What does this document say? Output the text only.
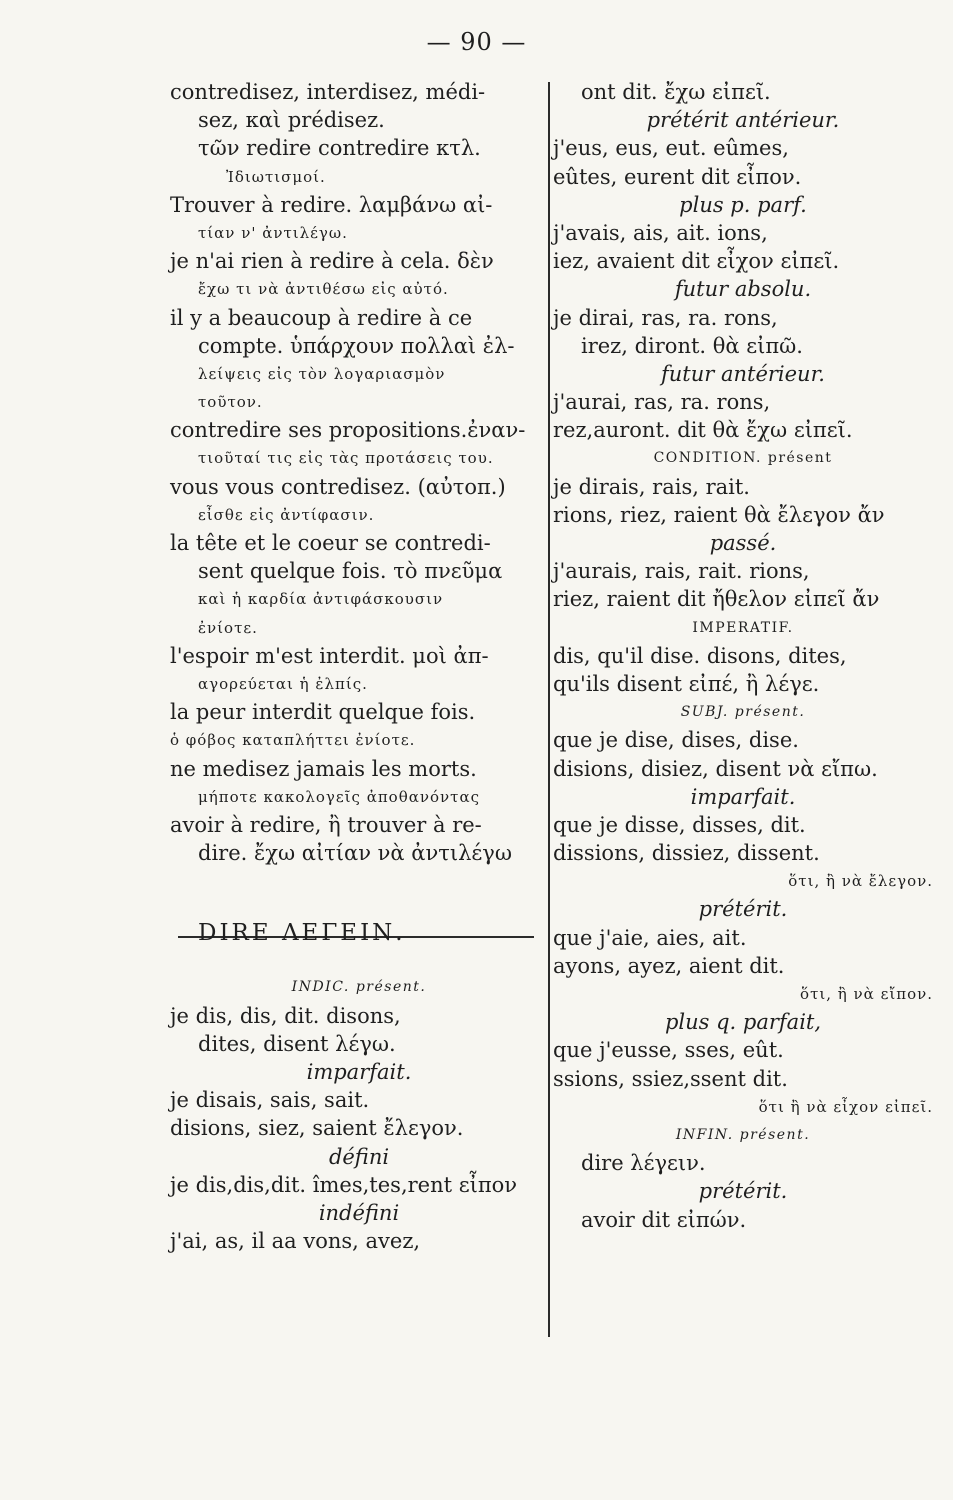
— 90 —
contredisez, interdisez, médi-
sez, καὶ prédisez.
τῶν redire contredire κτλ.
Ἰδιωτισμοί.
Trouver à redire. λαμβάνω αἰ-
τίαν ν' ἀντιλέγω.
je n'ai rien à redire à cela. δὲν
ἔχω τι νὰ ἀντιθέσω εἰς αὐτό.
il y a beaucoup à redire à ce
compte. ὑπάρχουν πολλαὶ ἐλ-
λείψεις εἰς τὸν λογαριασμὸν
τοῦτον.
contredire ses propositions.ἐναν-
τιοῦταί τις εἰς τὰς προτάσεις του.
vous vous contredisez. (αὐτοπ.)
εἶσθε εἰς ἀντίφασιν.
la tête et le coeur se contredi-
sent quelque fois. τὸ πνεῦμα
καὶ ἡ καρδία ἀντιφάσκουσιν
ἐνίοτε.
l'espoir m'est interdit. μοὶ ἀπ-
αγορεύεται ἡ ἐλπίς.
la peur interdit quelque fois.
ὁ φόβος καταπλήττει ἐνίοτε.
ne medisez jamais les morts.
μήποτε κακολογεῖς ἀποθανόντας
avoir à redire, ἢ trouver à re-
dire. ἔχω αἰτίαν νὰ ἀντιλέγω
DIRE ΛΕΓΕΙΝ.
INDIC. présent.
je dis, dis, dit. disons,
dites, disent λέγω.
imparfait.
je disais, sais, sait.
disions, siez, saient ἔλεγον.
défini
je dis,dis,dit. îmes,tes,rent εἶπον
indéfini
j'ai, as, il aa vons, avez,
ont dit. ἔχω εἰπεῖ.
prétérit antérieur.
j'eus, eus, eut. eûmes,
eûtes, eurent dit εἶπον.
plus p. parf.
j'avais, ais, ait. ions,
iez, avaient dit εἶχον εἰπεῖ.
futur absolu.
je dirai, ras, ra. rons,
irez, diront. θὰ εἰπῶ.
futur antérieur.
j'aurai, ras, ra. rons,
rez,auront. dit θὰ ἔχω εἰπεῖ.
CONDITION. présent
je dirais, rais, rait.
rions, riez, raient θὰ ἔλεγον ἄν
passé.
j'aurais, rais, rait. rions,
riez, raient dit ἤθελον εἰπεῖ ἄν
IMPERATIF.
dis, qu'il dise. disons, dites,
qu'ils disent εἰπέ, ἢ λέγε.
SUBJ. présent.
que je dise, dises, dise.
disions, disiez, disent νὰ εἴπω.
imparfait.
que je disse, disses, dit.
dissions, dissiez, dissent.
ὅτι, ἢ νὰ ἔλεγον.
prétérit.
que j'aie, aies, ait.
ayons, ayez, aient dit.
ὅτι, ἢ νὰ εἴπον.
plus q. parfait,
que j'eusse, sses, eût.
ssions, ssiez,ssent dit.
ὅτι ἢ νὰ εἶχον εἰπεῖ.
INFIN. présent.
dire λέγειν.
prétérit.
avoir dit εἰπών.
